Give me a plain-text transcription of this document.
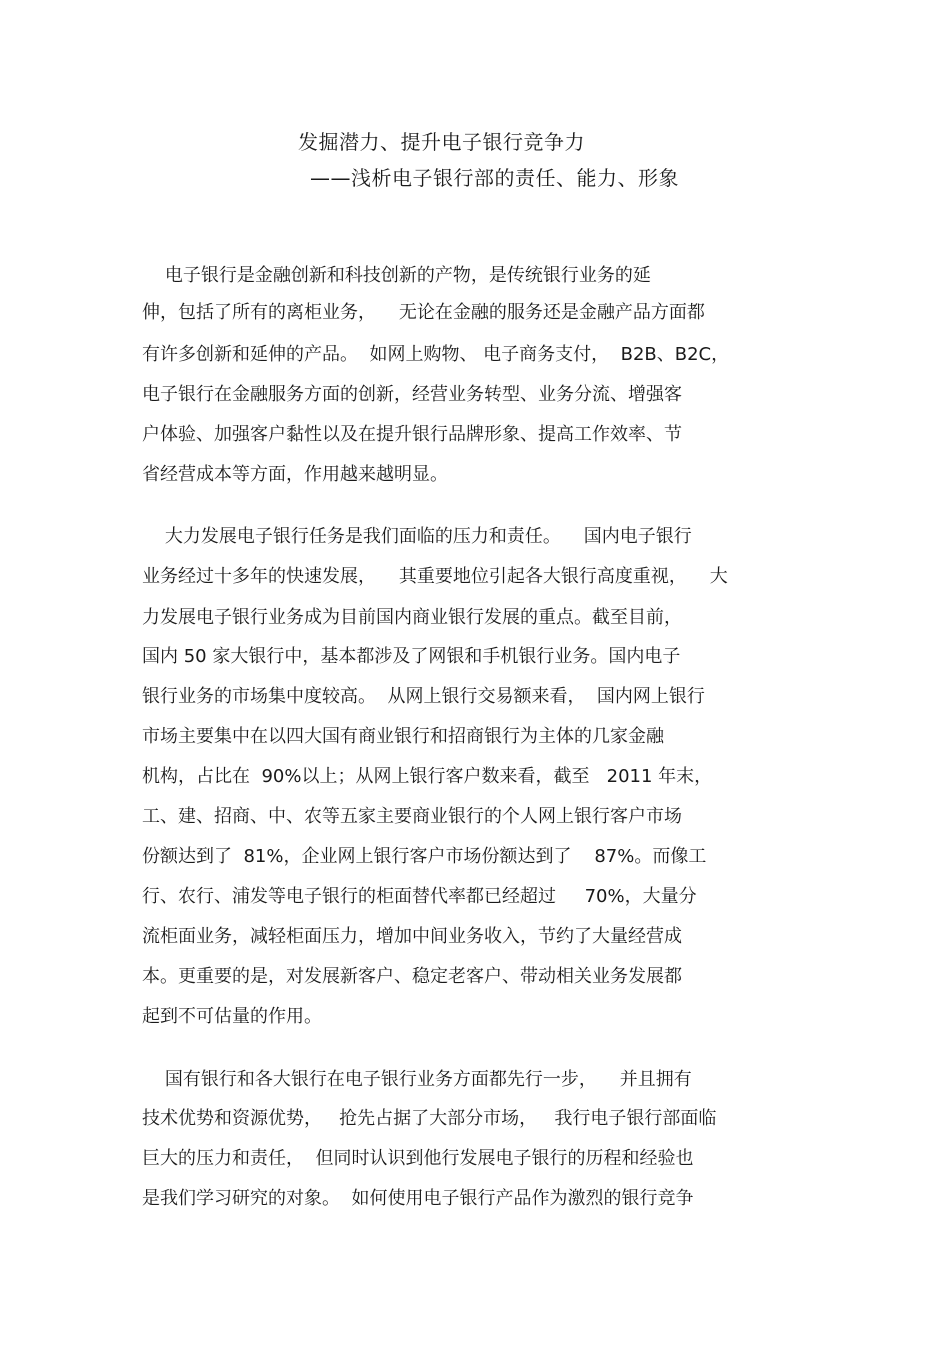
发掘潜力、提升电子银行竞争力
——浅析电子银行部的责任、能力、形象
电子银行是金融创新和科技创新的产物，是传统银行业务的延
伸，包括了所有的离柜业务，    无论在金融的服务还是金融产品方面都
有许多创新和延伸的产品。  如网上购物、 电子商务支付，  B2B、B2C，
电子银行在金融服务方面的创新，经营业务转型、业务分流、增强客
户体验、加强客户黏性以及在提升银行品牌形象、提高工作效率、节
省经营成本等方面，作用越来越明显。
大力发展电子银行任务是我们面临的压力和责任。    国内电子银行
业务经过十多年的快速发展，    其重要地位引起各大银行高度重视，    大
力发展电子银行业务成为目前国内商业银行发展的重点。截至目前，
国内 50 家大银行中，基本都涉及了网银和手机银行业务。国内电子
银行业务的市场集中度较高。  从网上银行交易额来看，  国内网上银行
市场主要集中在以四大国有商业银行和招商银行为主体的几家金融
机构，占比在  90%以上；从网上银行客户数来看，截至   2011 年末，
工、建、招商、中、农等五家主要商业银行的个人网上银行客户市场
份额达到了  81%，企业网上银行客户市场份额达到了    87%。而像工
行、农行、浦发等电子银行的柜面替代率都已经超过     70%，大量分
流柜面业务，减轻柜面压力，增加中间业务收入，节约了大量经营成
本。更重要的是，对发展新客户、稳定老客户、带动相关业务发展都
起到不可估量的作用。
国有银行和各大银行在电子银行业务方面都先行一步，    并且拥有
技术优势和资源优势，   抢先占据了大部分市场，   我行电子银行部面临
巨大的压力和责任，  但同时认识到他行发展电子银行的历程和经验也
是我们学习研究的对象。  如何使用电子银行产品作为激烈的银行竞争
